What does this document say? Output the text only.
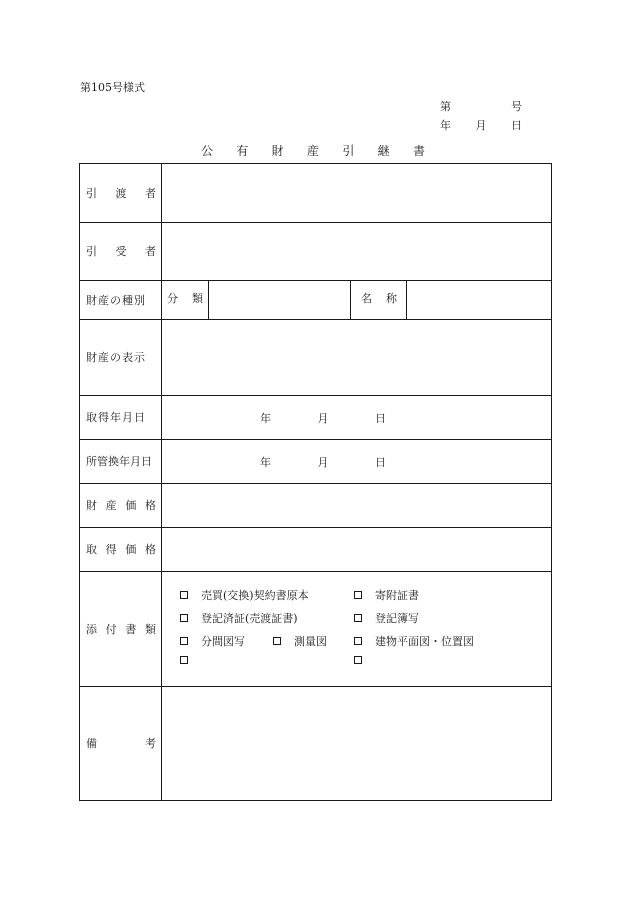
第105号様式
第	号
年 月 日
公 有 財 産 引 継 書
引 渡 者
引 受 者
財産の種別 分 類	名 称
財産の表示
取得年月日	年	月	日
所管換年月日	年	月	日
財 産 価 格
取 得 価 格
添 付 書 類
売買(交換)契約書原本	寄附証書
登記済証(売渡証書)	登記簿写
分間図写	測量図	建物平面図・位置図
備	考
